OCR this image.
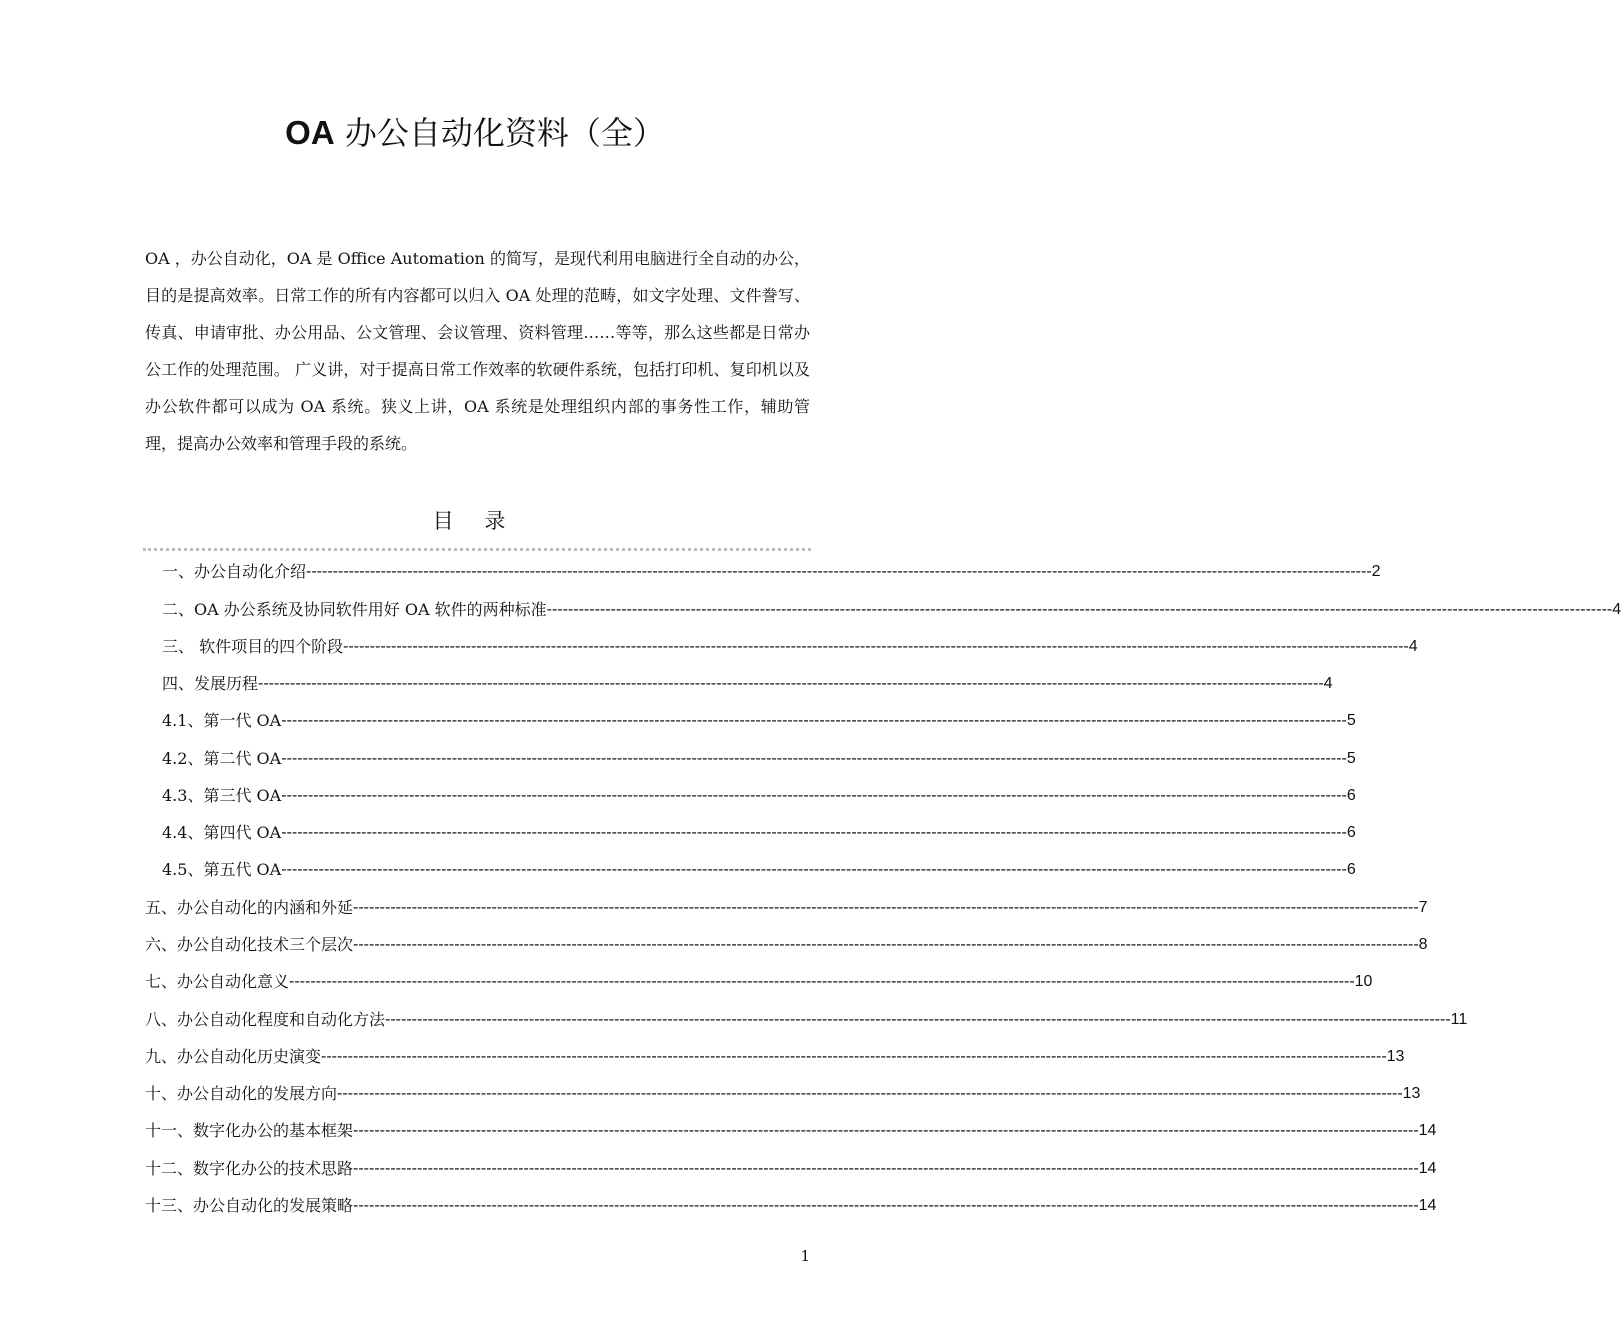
OA 办公自动化资料（全）

OA ，办公自动化，OA 是 Office Automation 的简写，是现代利用电脑进行全自动的办公，目的是提高效率。日常工作的所有内容都可以归入 OA 处理的范畴，如文字处理、文件誊写、传真、申请审批、办公用品、公文管理、会议管理、资料管理……等等，那么这些都是日常办公工作的处理范围。 广义讲，对于提高日常工作效率的软硬件系统，包括打印机、复印机以及办公软件都可以成为 OA 系统。狭义上讲，OA 系统是处理组织内部的事务性工作，辅助管理，提高办公效率和管理手段的系统。

目 录
一、办公自动化介绍 -------------------------------------------------------------------------------------------------------------------------------------------------------------------------------------------------------- 2
二、OA 办公系统及协同软件用好 OA 软件的两种标准 -------------------------------------------------------------------------------------------------------------------------------------------------------------------------------------------------------- 4
三、 软件项目的四个阶段 -------------------------------------------------------------------------------------------------------------------------------------------------------------------------------------------------------- 4
四、发展历程 -------------------------------------------------------------------------------------------------------------------------------------------------------------------------------------------------------- 4
4.1、第一代 OA -------------------------------------------------------------------------------------------------------------------------------------------------------------------------------------------------------- 5
4.2、第二代 OA -------------------------------------------------------------------------------------------------------------------------------------------------------------------------------------------------------- 5
4.3、第三代 OA -------------------------------------------------------------------------------------------------------------------------------------------------------------------------------------------------------- 6
4.4、第四代 OA -------------------------------------------------------------------------------------------------------------------------------------------------------------------------------------------------------- 6
4.5、第五代 OA -------------------------------------------------------------------------------------------------------------------------------------------------------------------------------------------------------- 6
五、办公自动化的内涵和外延 -------------------------------------------------------------------------------------------------------------------------------------------------------------------------------------------------------- 7
六、办公自动化技术三个层次 -------------------------------------------------------------------------------------------------------------------------------------------------------------------------------------------------------- 8
七、办公自动化意义 -------------------------------------------------------------------------------------------------------------------------------------------------------------------------------------------------------- 10
八、办公自动化程度和自动化方法 -------------------------------------------------------------------------------------------------------------------------------------------------------------------------------------------------------- 11
九、办公自动化历史演变 -------------------------------------------------------------------------------------------------------------------------------------------------------------------------------------------------------- 13
十、办公自动化的发展方向 -------------------------------------------------------------------------------------------------------------------------------------------------------------------------------------------------------- 13
十一、数字化办公的基本框架 -------------------------------------------------------------------------------------------------------------------------------------------------------------------------------------------------------- 14
十二、数字化办公的技术思路 -------------------------------------------------------------------------------------------------------------------------------------------------------------------------------------------------------- 14
十三、办公自动化的发展策略 -------------------------------------------------------------------------------------------------------------------------------------------------------------------------------------------------------- 14
1
